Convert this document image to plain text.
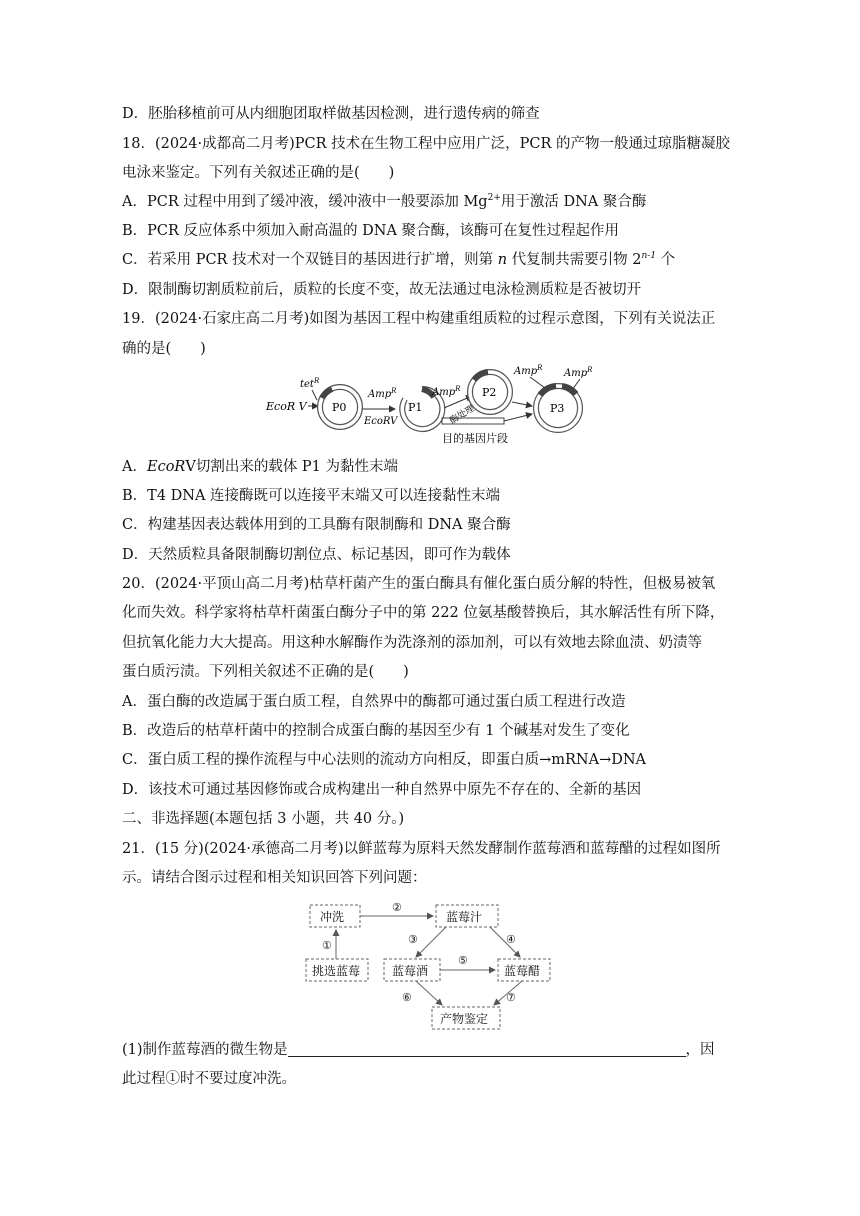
D．胚胎移植前可从内细胞团取样做基因检测，进行遗传病的筛查
18．(2024·成都高二月考)PCR 技术在生物工程中应用广泛，PCR 的产物一般通过琼脂糖凝胶
电泳来鉴定。下列有关叙述正确的是(　　)
A．PCR 过程中用到了缓冲液，缓冲液中一般要添加 $Mg^{2+}$用于激活 DNA 聚合酶
B．PCR 反应体系中须加入耐高温的 DNA 聚合酶，该酶可在复性过程起作用
C．若采用 PCR 技术对一个双链目的基因进行扩增，则第 n 代复制共需要引物 2$^{n-1}$ 个
D．限制酶切割质粒前后，质粒的长度不变，故无法通过电泳检测质粒是否被切开
19．(2024·石家庄高二月考)如图为基因工程中构建重组质粒的过程示意图，下列有关说法正
确的是(　　)
tet$^R$
EcoR V P0
Amp$^R$
EcoRV
P1
Amp$^R$
酶处理
P2
目的基因片段
Amp$^R$ Amp$^R$
P3
A．EcoRⅤ切割出来的载体 P1 为黏性末端
B．T4 DNA 连接酶既可以连接平末端又可以连接黏性末端
C．构建基因表达载体用到的工具酶有限制酶和 DNA 聚合酶
D．天然质粒具备限制酶切割位点、标记基因，即可作为载体
20．(2024·平顶山高二月考)枯草杆菌产生的蛋白酶具有催化蛋白质分解的特性，但极易被氧
化而失效。科学家将枯草杆菌蛋白酶分子中的第 222 位氨基酸替换后，其水解活性有所下降，
但抗氧化能力大大提高。用这种水解酶作为洗涤剂的添加剂，可以有效地去除血渍、奶渍等
蛋白质污渍。下列相关叙述不正确的是(　　)
A．蛋白酶的改造属于蛋白质工程，自然界中的酶都可通过蛋白质工程进行改造
B．改造后的枯草杆菌中的控制合成蛋白酶的基因至少有 1 个碱基对发生了变化
C．蛋白质工程的操作流程与中心法则的流动方向相反，即蛋白质→mRNA→DNA
D．该技术可通过基因修饰或合成构建出一种自然界中原先不存在的、全新的基因
二、非选择题(本题包括 3 小题，共 40 分。)
21．(15 分)(2024·承德高二月考)以鲜蓝莓为原料天然发酵制作蓝莓酒和蓝莓醋的过程如图所
示。请结合图示过程和相关知识回答下列问题：
冲洗	蓝莓汁
挑选蓝莓	蓝莓酒	蓝莓醋
产物鉴定
①
②
③	④
⑤
⑥	⑦
(1)制作蓝莓酒的微生物是	，因
此过程①时不要过度冲洗。
